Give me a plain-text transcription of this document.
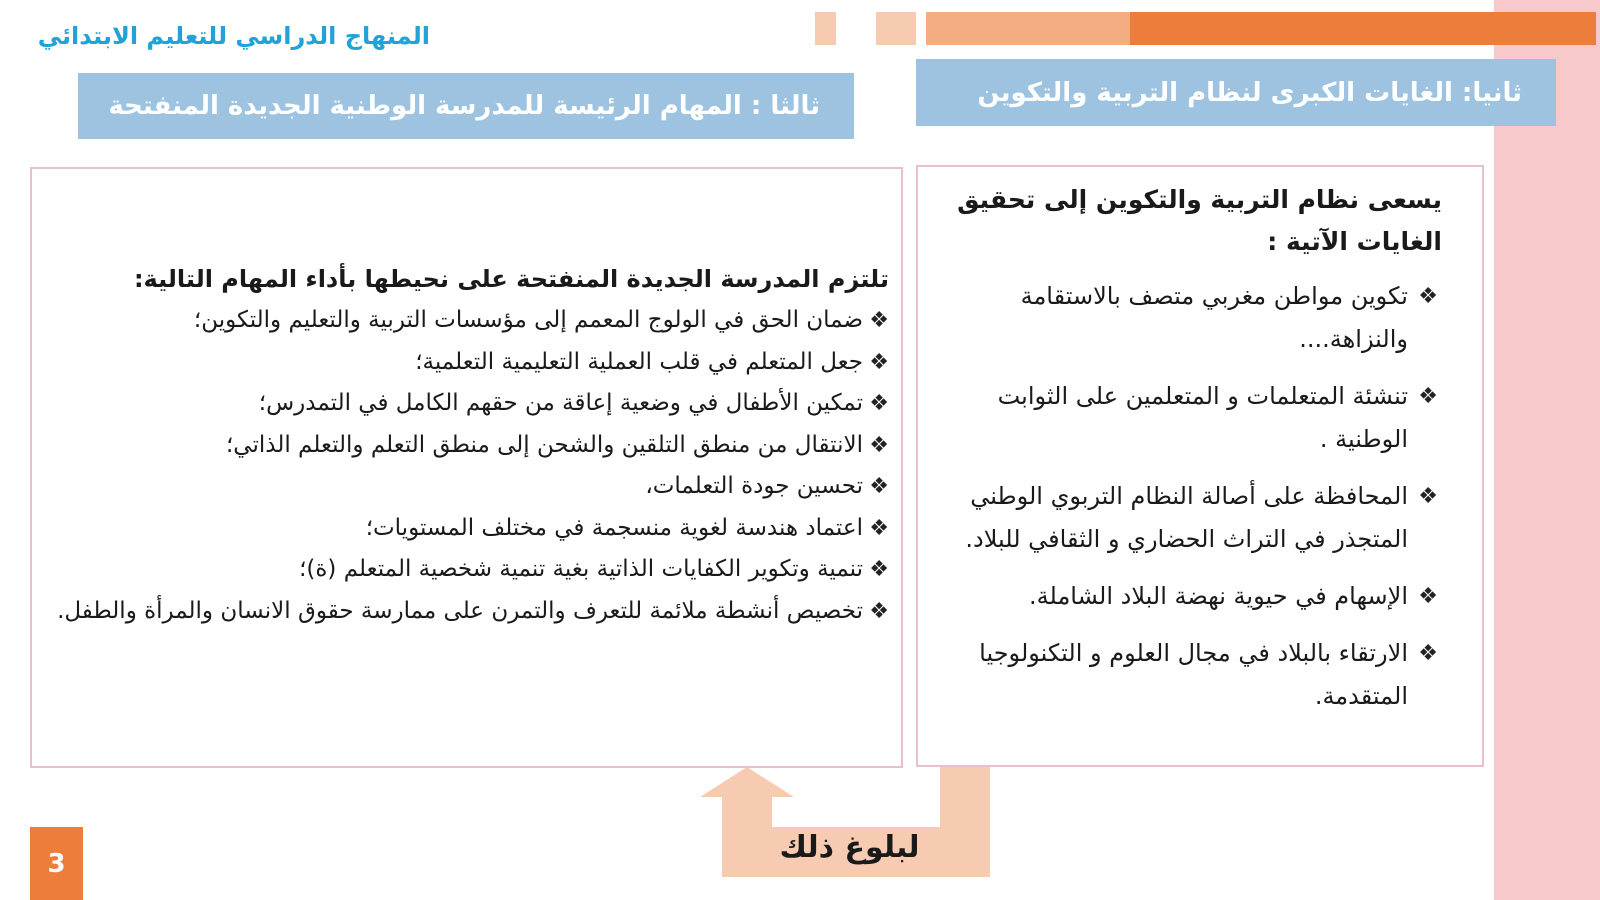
المنهاج الدراسي للتعليم الابتدائي
ثالثا : المهام الرئيسة للمدرسة الوطنية الجديدة المنفتحة	ثانيا: الغايات الكبرى لنظام التربية والتكوين

يسعى نظام التربية والتكوين إلى تحقيق الغايات الآتية :

❖
تكوين مواطن مغربي متصف بالاستقامة والنزاهة....
❖
تنشئة المتعلمات و المتعلمين على الثوابت الوطنية .
❖
المحافظة على أصالة النظام التربوي الوطني المتجذر في التراث الحضاري و الثقافي للبلاد.
❖
الإسهام في حيوية نهضة البلاد الشاملة.
❖
الارتقاء بالبلاد في مجال العلوم و التكنولوجيا المتقدمة.

تلتزم المدرسة الجديدة المنفتحة على نحيطها بأداء المهام التالية:

❖
ضمان الحق في الولوج المعمم إلى مؤسسات التربية والتعليم والتكوين؛
❖
جعل المتعلم في قلب العملية التعليمية التعلمية؛
❖
تمكين الأطفال في وضعية إعاقة من حقهم الكامل في التمدرس؛
❖
الانتقال من منطق التلقين والشحن إلى منطق التعلم والتعلم الذاتي؛
❖
تحسين جودة التعلمات،
❖
اعتماد هندسة لغوية منسجمة في مختلف المستويات؛
❖
تنمية وتكوير الكفايات الذاتية بغية تنمية شخصية المتعلم (ة)؛
❖
تخصيص أنشطة ملائمة للتعرف والتمرن على ممارسة حقوق الانسان والمرأة والطفل.
لبلوغ ذلك
3
